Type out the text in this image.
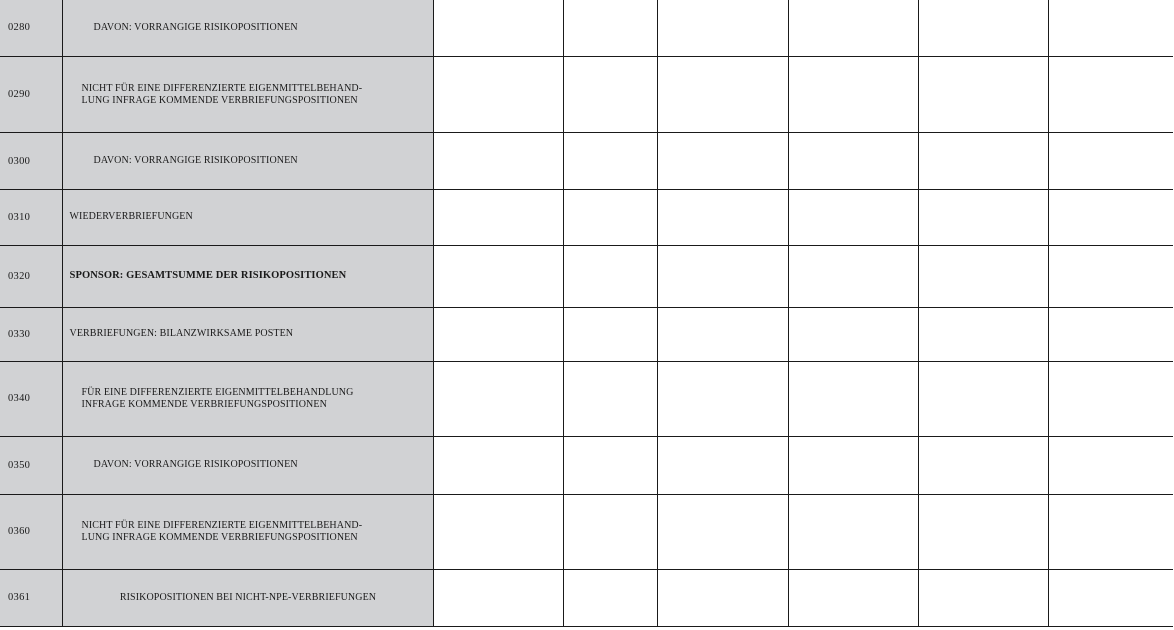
0280	DAVON: VORRANGIGE RISIKOPOSITIONEN						

0290	NICHT FÜR EINE DIFFERENZIERTE EIGENMITTELBEHAND-
LUNG INFRAGE KOMMENDE VERBRIEFUNGSPOSITIONEN						

0300	DAVON: VORRANGIGE RISIKOPOSITIONEN						

0310	WIEDERVERBRIEFUNGEN						

0320	SPONSOR: GESAMTSUMME DER RISIKOPOSITIONEN						

0330	VERBRIEFUNGEN: BILANZWIRKSAME POSTEN						

0340	FÜR EINE DIFFERENZIERTE EIGENMITTELBEHANDLUNG
INFRAGE KOMMENDE VERBRIEFUNGSPOSITIONEN						

0350	DAVON: VORRANGIGE RISIKOPOSITIONEN						

0360	NICHT FÜR EINE DIFFERENZIERTE EIGENMITTELBEHAND-
LUNG INFRAGE KOMMENDE VERBRIEFUNGSPOSITIONEN						

0361	RISIKOPOSITIONEN BEI NICHT-NPE-VERBRIEFUNGEN						
